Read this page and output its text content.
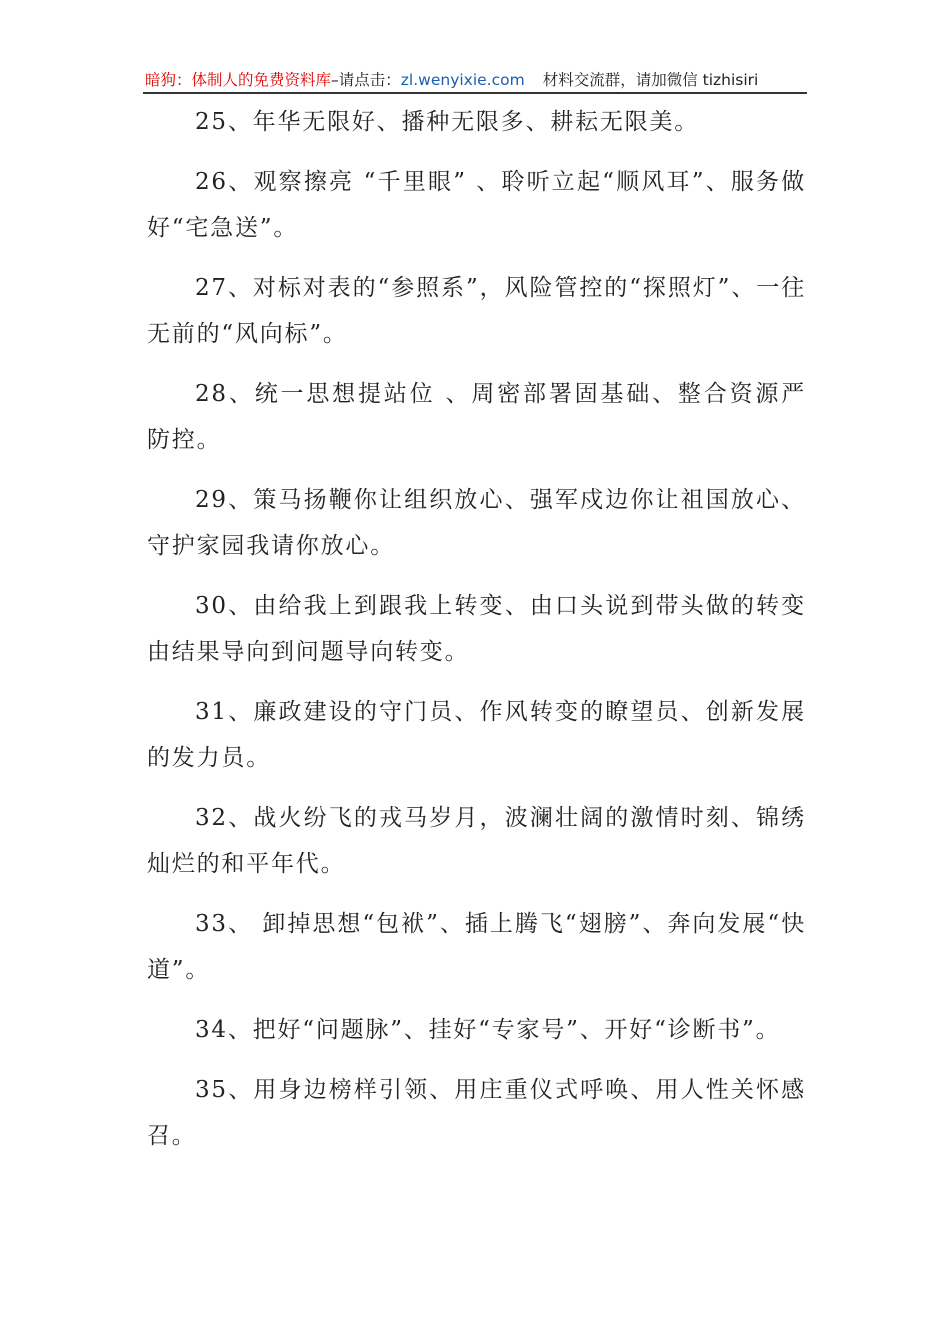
暗狗：体制人的免费资料库–请点击：zl.wenyixie.com 材料交流群，请加微信 tizhisiri

25、年华无限好、播种无限多、耕耘无限美。

26、观察擦亮 “千里眼” 、聆听立起“顺风耳”、服务做好“宅急送”。

27、对标对表的“参照系”，风险管控的“探照灯”、一往无前的“风向标”。

28、统一思想提站位 、周密部署固基础、整合资源严防控。

29、策马扬鞭你让组织放心、强军戍边你让祖国放心、守护家园我请你放心。

30、由给我上到跟我上转变、由口头说到带头做的转变由结果导向到问题导向转变。

31、廉政建设的守门员、作风转变的瞭望员、创新发展的发力员。

32、战火纷飞的戎马岁月，波澜壮阔的激情时刻、锦绣灿烂的和平年代。

33、 卸掉思想“包袱”、插上腾飞“翅膀”、奔向发展“快道”。

34、把好“问题脉”、挂好“专家号”、开好“诊断书”。

35、用身边榜样引领、用庄重仪式呼唤、用人性关怀感召。
